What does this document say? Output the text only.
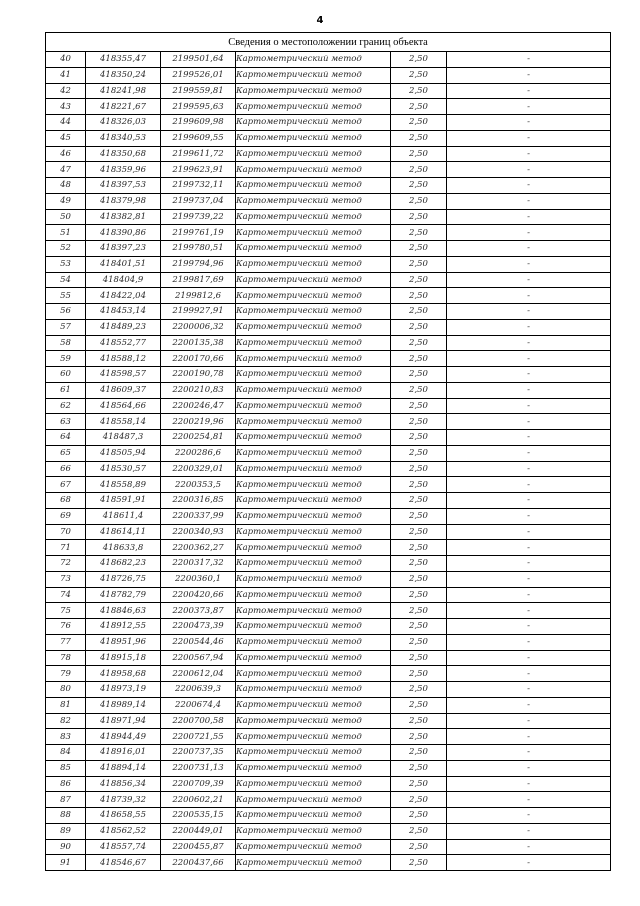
4
Сведения о местоположении границ объекта					
40	418355,47	2199501,64	Картометрический метод	2,50	-
41	418350,24	2199526,01	Картометрический метод	2,50	-
42	418241,98	2199559,81	Картометрический метод	2,50	-
43	418221,67	2199595,63	Картометрический метод	2,50	-
44	418326,03	2199609,98	Картометрический метод	2,50	-
45	418340,53	2199609,55	Картометрический метод	2,50	-
46	418350,68	2199611,72	Картометрический метод	2,50	-
47	418359,96	2199623,91	Картометрический метод	2,50	-
48	418397,53	2199732,11	Картометрический метод	2,50	-
49	418379,98	2199737,04	Картометрический метод	2,50	-
50	418382,81	2199739,22	Картометрический метод	2,50	-
51	418390,86	2199761,19	Картометрический метод	2,50	-
52	418397,23	2199780,51	Картометрический метод	2,50	-
53	418401,51	2199794,96	Картометрический метод	2,50	-
54	418404,9	2199817,69	Картометрический метод	2,50	-
55	418422,04	2199812,6	Картометрический метод	2,50	-
56	418453,14	2199927,91	Картометрический метод	2,50	-
57	418489,23	2200006,32	Картометрический метод	2,50	-
58	418552,77	2200135,38	Картометрический метод	2,50	-
59	418588,12	2200170,66	Картометрический метод	2,50	-
60	418598,57	2200190,78	Картометрический метод	2,50	-
61	418609,37	2200210,83	Картометрический метод	2,50	-
62	418564,66	2200246,47	Картометрический метод	2,50	-
63	418558,14	2200219,96	Картометрический метод	2,50	-
64	418487,3	2200254,81	Картометрический метод	2,50	-
65	418505,94	2200286,6	Картометрический метод	2,50	-
66	418530,57	2200329,01	Картометрический метод	2,50	-
67	418558,89	2200353,5	Картометрический метод	2,50	-
68	418591,91	2200316,85	Картометрический метод	2,50	-
69	418611,4	2200337,99	Картометрический метод	2,50	-
70	418614,11	2200340,93	Картометрический метод	2,50	-
71	418633,8	2200362,27	Картометрический метод	2,50	-
72	418682,23	2200317,32	Картометрический метод	2,50	-
73	418726,75	2200360,1	Картометрический метод	2,50	-
74	418782,79	2200420,66	Картометрический метод	2,50	-
75	418846,63	2200373,87	Картометрический метод	2,50	-
76	418912,55	2200473,39	Картометрический метод	2,50	-
77	418951,96	2200544,46	Картометрический метод	2,50	-
78	418915,18	2200567,94	Картометрический метод	2,50	-
79	418958,68	2200612,04	Картометрический метод	2,50	-
80	418973,19	2200639,3	Картометрический метод	2,50	-
81	418989,14	2200674,4	Картометрический метод	2,50	-
82	418971,94	2200700,58	Картометрический метод	2,50	-
83	418944,49	2200721,55	Картометрический метод	2,50	-
84	418916,01	2200737,35	Картометрический метод	2,50	-
85	418894,14	2200731,13	Картометрический метод	2,50	-
86	418856,34	2200709,39	Картометрический метод	2,50	-
87	418739,32	2200602,21	Картометрический метод	2,50	-
88	418658,55	2200535,15	Картометрический метод	2,50	-
89	418562,52	2200449,01	Картометрический метод	2,50	-
90	418557,74	2200455,87	Картометрический метод	2,50	-
91	418546,67	2200437,66	Картометрический метод	2,50	-
